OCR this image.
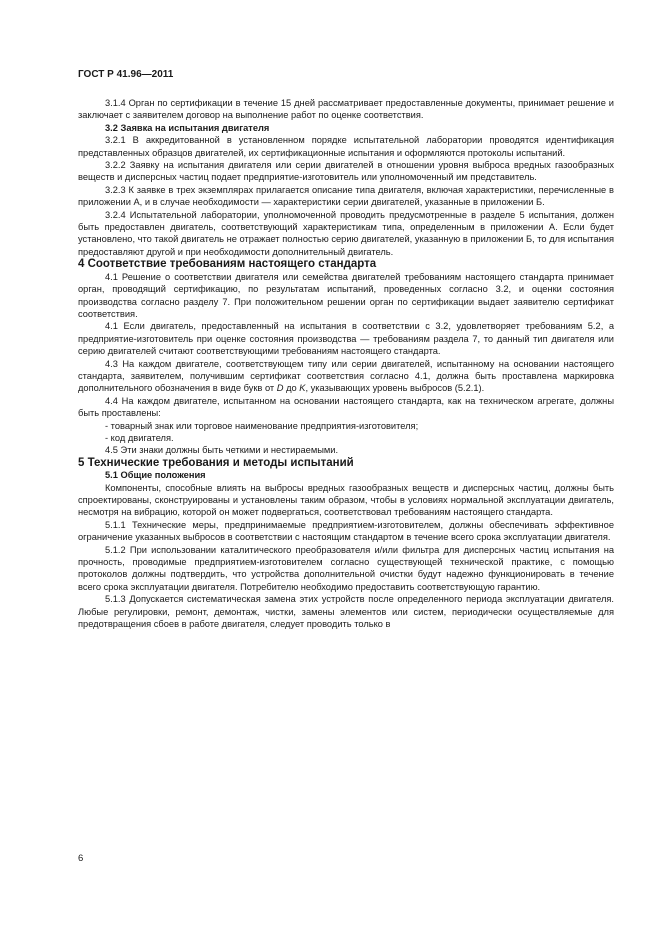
ГОСТ Р 41.96—2011

3.1.4 Орган по сертификации в течение 15 дней рассматривает предоставленные документы, принимает решение и заключает с заявителем договор на выполнение работ по оценке соответствия.

3.2 Заявка на испытания двигателя

3.2.1 В аккредитованной в установленном порядке испытательной лаборатории проводятся идентификация представленных образцов двигателей, их сертификационные испытания и оформляются протоколы испытаний.

3.2.2 Заявку на испытания двигателя или серии двигателей в отношении уровня выброса вредных газообразных веществ и дисперсных частиц подает предприятие-изготовитель или уполномоченный им представитель.

3.2.3 К заявке в трех экземплярах прилагается описание типа двигателя, включая характеристики, перечисленные в приложении А, и в случае необходимости — характеристики серии двигателей, указанные в приложении Б.

3.2.4 Испытательной лаборатории, уполномоченной проводить предусмотренные в разделе 5 испытания, должен быть предоставлен двигатель, соответствующий характеристикам типа, определенным в приложении А. Если будет установлено, что такой двигатель не отражает полностью серию двигателей, указанную в приложении Б, то для испытания предоставляют другой и при необходимости дополнительный двигатель.

4 Соответствие требованиям настоящего стандарта

4.1 Решение о соответствии двигателя или семейства двигателей требованиям настоящего стандарта принимает орган, проводящий сертификацию, по результатам испытаний, проведенных согласно 3.2, и оценки состояния производства согласно разделу 7. При положительном решении орган по сертификации выдает заявителю сертификат соответствия.

4.1 Если двигатель, предоставленный на испытания в соответствии с 3.2, удовлетворяет требованиям 5.2, а предприятие-изготовитель при оценке состояния производства — требованиям раздела 7, то данный тип двигателя или серию двигателей считают соответствующими требованиям настоящего стандарта.

4.3 На каждом двигателе, соответствующем типу или серии двигателей, испытанному на основании настоящего стандарта, заявителем, получившим сертификат соответствия согласно 4.1, должна быть проставлена маркировка дополнительного обозначения в виде букв от D до K, указывающих уровень выбросов (5.2.1).

4.4 На каждом двигателе, испытанном на основании настоящего стандарта, как на техническом агрегате, должны быть проставлены:

- товарный знак или торговое наименование предприятия-изготовителя;

- код двигателя.

4.5 Эти знаки должны быть четкими и нестираемыми.

5 Технические требования и методы испытаний

5.1 Общие положения

Компоненты, способные влиять на выбросы вредных газообразных веществ и дисперсных частиц, должны быть спроектированы, сконструированы и установлены таким образом, чтобы в условиях нормальной эксплуатации двигатель, несмотря на вибрацию, которой он может подвергаться, соответствовал требованиям настоящего стандарта.

5.1.1 Технические меры, предпринимаемые предприятием-изготовителем, должны обеспечивать эффективное ограничение указанных выбросов в соответствии с настоящим стандартом в течение всего срока эксплуатации двигателя.

5.1.2 При использовании каталитического преобразователя и/или фильтра для дисперсных частиц испытания на прочность, проводимые предприятием-изготовителем согласно существующей технической практике, с помощью протоколов должны подтвердить, что устройства дополнительной очистки будут надежно функционировать в течение всего срока эксплуатации двигателя. Потребителю необходимо предоставить соответствующую гарантию.

5.1.3 Допускается систематическая замена этих устройств после определенного периода эксплуатации двигателя. Любые регулировки, ремонт, демонтаж, чистки, замены элементов или систем, периодически осуществляемые для предотвращения сбоев в работе двигателя, следует проводить только в

6
